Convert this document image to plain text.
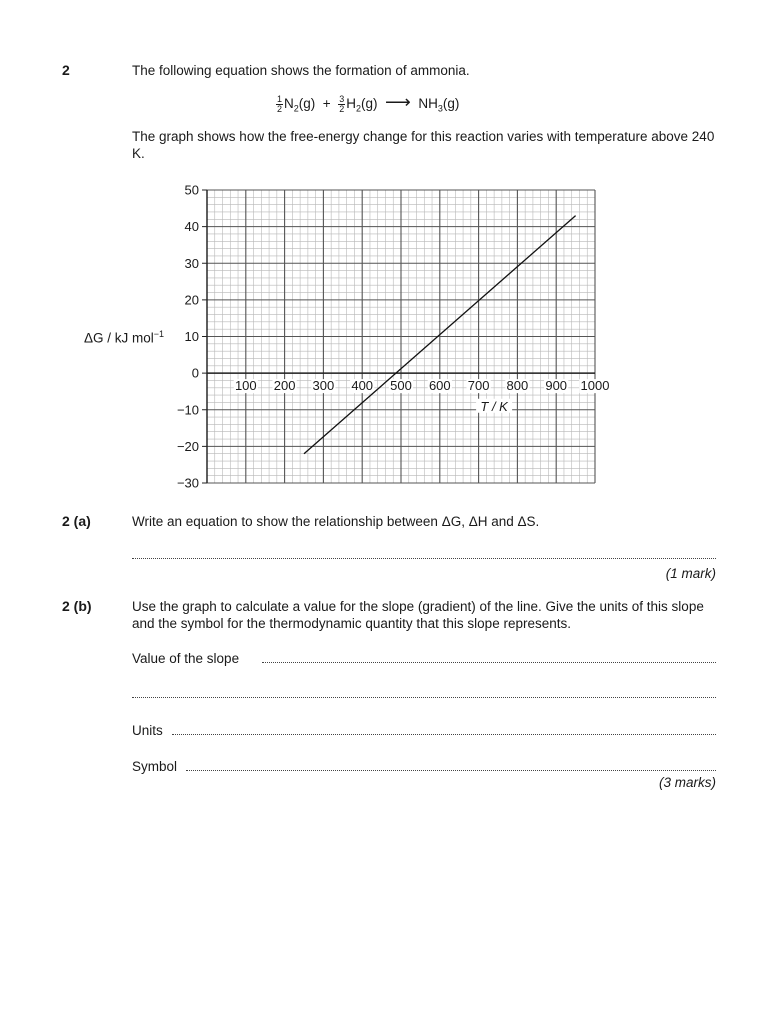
2	The following equation shows the formation of ammonia.
$\frac{1}{2} N_2(g) + \frac{3}{2} H_2(g)$ ⟶ $NH_3(g)$
The graph shows how the free-energy change for this reaction varies with temperature above 240 K.
ΔG / kJ mol$^{-1}$
50
40
30
20
10
0
−10
−20
−30
100 200 300 400 500 600 700 800 900 1000
T / K
2 (a)	Write an equation to show the relationship between ΔG, ΔH and ΔS.
(1 mark)
2 (b)	Use the graph to calculate a value for the slope (gradient) of the line. Give the units of this slope and the symbol for the thermodynamic quantity that this slope represents.
Value of the slope
Units
Symbol
(3 marks)
